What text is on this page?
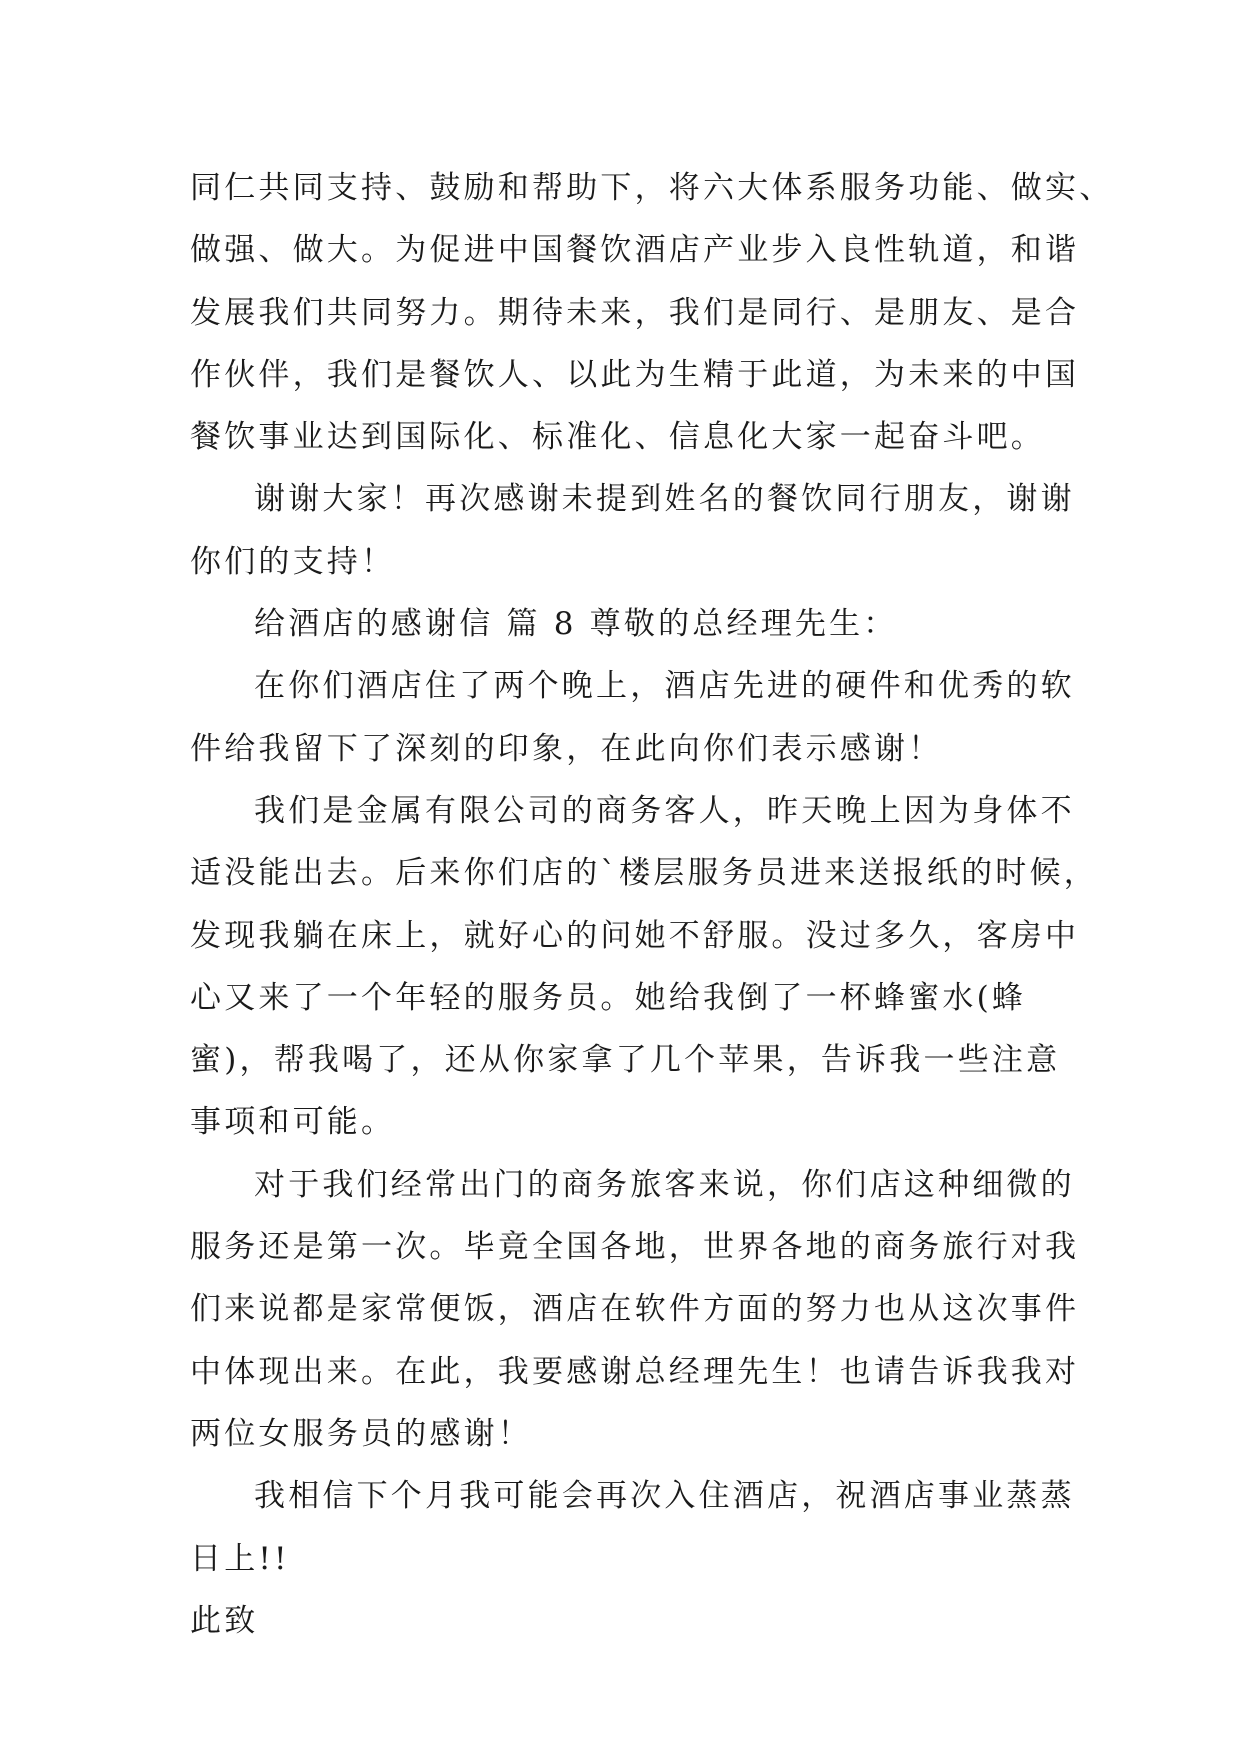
同仁共同支持、鼓励和帮助下，将六大体系服务功能、做实、
做强、做大。为促进中国餐饮酒店产业步入良性轨道，和谐
发展我们共同努力。期待未来，我们是同行、是朋友、是合
作伙伴，我们是餐饮人、以此为生精于此道，为未来的中国
餐饮事业达到国际化、标准化、信息化大家一起奋斗吧。
谢谢大家！再次感谢未提到姓名的餐饮同行朋友，谢谢
你们的支持！
给酒店的感谢信 篇 8 尊敬的总经理先生：
在你们酒店住了两个晚上，酒店先进的硬件和优秀的软
件给我留下了深刻的印象，在此向你们表示感谢！
我们是金属有限公司的商务客人，昨天晚上因为身体不
适没能出去。后来你们店的`楼层服务员进来送报纸的时候，
发现我躺在床上，就好心的问她不舒服。没过多久，客房中
心又来了一个年轻的服务员。她给我倒了一杯蜂蜜水(蜂
蜜)，帮我喝了，还从你家拿了几个苹果，告诉我一些注意
事项和可能。
对于我们经常出门的商务旅客来说，你们店这种细微的
服务还是第一次。毕竟全国各地，世界各地的商务旅行对我
们来说都是家常便饭，酒店在软件方面的努力也从这次事件
中体现出来。在此，我要感谢总经理先生！也请告诉我我对
两位女服务员的感谢！
我相信下个月我可能会再次入住酒店，祝酒店事业蒸蒸
日上!!
此致
